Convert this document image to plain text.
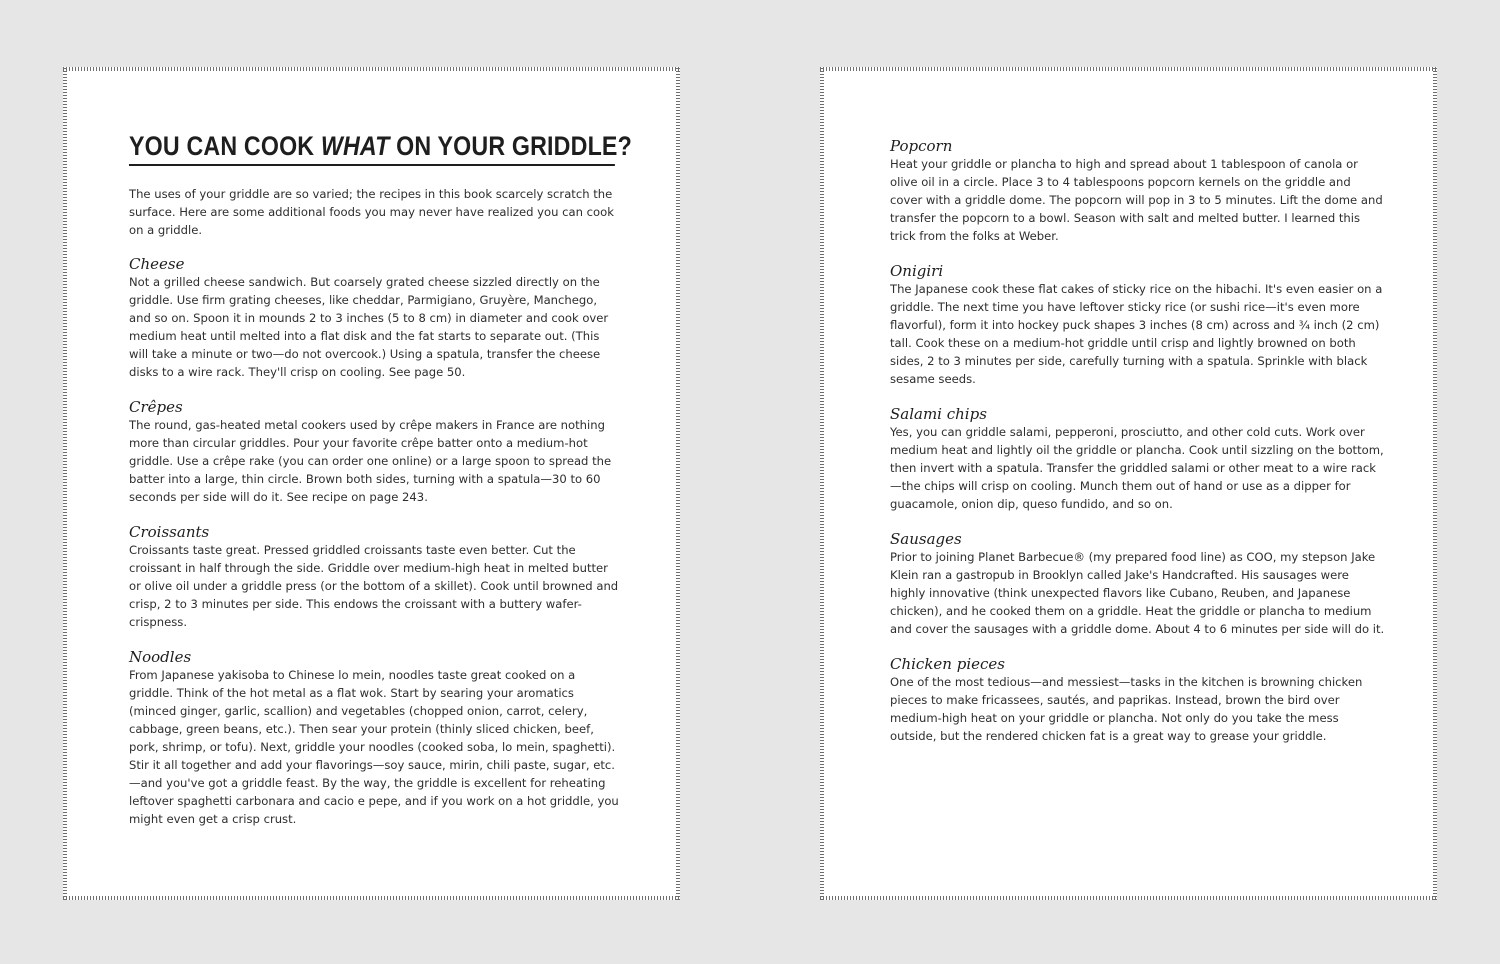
YOU CAN COOK WHAT ON YOUR GRIDDLE?

The uses of your griddle are so varied; the recipes in this book scarcely scratch the surface. Here are some additional foods you may never have realized you can cook on a griddle.

Cheese

Not a grilled cheese sandwich. But coarsely grated cheese sizzled directly on the griddle. Use firm grating cheeses, like cheddar, Parmigiano, Gruyère, Manchego, and so on. Spoon it in mounds 2 to 3 inches (5 to 8 cm) in diameter and cook over medium heat until melted into a flat disk and the fat starts to separate out. (This will take a minute or two—do not overcook.) Using a spatula, transfer the cheese disks to a wire rack. They'll crisp on cooling. See page 50.

Crêpes

The round, gas-heated metal cookers used by crêpe makers in France are nothing more than circular griddles. Pour your favorite crêpe batter onto a medium-hot griddle. Use a crêpe rake (you can order one online) or a large spoon to spread the batter into a large, thin circle. Brown both sides, turning with a spatula—30 to 60 seconds per side will do it. See recipe on page 243.

Croissants

Croissants taste great. Pressed griddled croissants taste even better. Cut the croissant in half through the side. Griddle over medium-high heat in melted butter or olive oil under a griddle press (or the bottom of a skillet). Cook until browned and crisp, 2 to 3 minutes per side. This endows the croissant with a buttery wafer-crispness.

Noodles

From Japanese yakisoba to Chinese lo mein, noodles taste great cooked on a griddle. Think of the hot metal as a flat wok. Start by searing your aromatics (minced ginger, garlic, scallion) and vegetables (chopped onion, carrot, celery, cabbage, green beans, etc.). Then sear your protein (thinly sliced chicken, beef, pork, shrimp, or tofu). Next, griddle your noodles (cooked soba, lo mein, spaghetti). Stir it all together and add your flavorings—soy sauce, mirin, chili paste, sugar, etc.—and you've got a griddle feast. By the way, the griddle is excellent for reheating leftover spaghetti carbonara and cacio e pepe, and if you work on a hot griddle, you might even get a crisp crust.

Popcorn

Heat your griddle or plancha to high and spread about 1 tablespoon of canola or olive oil in a circle. Place 3 to 4 tablespoons popcorn kernels on the griddle and cover with a griddle dome. The popcorn will pop in 3 to 5 minutes. Lift the dome and transfer the popcorn to a bowl. Season with salt and melted butter. I learned this trick from the folks at Weber.

Onigiri

The Japanese cook these flat cakes of sticky rice on the hibachi. It's even easier on a griddle. The next time you have leftover sticky rice (or sushi rice—it's even more flavorful), form it into hockey puck shapes 3 inches (8 cm) across and ¾ inch (2 cm) tall. Cook these on a medium-hot griddle until crisp and lightly browned on both sides, 2 to 3 minutes per side, carefully turning with a spatula. Sprinkle with black sesame seeds.

Salami chips

Yes, you can griddle salami, pepperoni, prosciutto, and other cold cuts. Work over medium heat and lightly oil the griddle or plancha. Cook until sizzling on the bottom, then invert with a spatula. Transfer the griddled salami or other meat to a wire rack—the chips will crisp on cooling. Munch them out of hand or use as a dipper for guacamole, onion dip, queso fundido, and so on.

Sausages

Prior to joining Planet Barbecue® (my prepared food line) as COO, my stepson Jake Klein ran a gastropub in Brooklyn called Jake's Handcrafted. His sausages were highly innovative (think unexpected flavors like Cubano, Reuben, and Japanese chicken), and he cooked them on a griddle. Heat the griddle or plancha to medium and cover the sausages with a griddle dome. About 4 to 6 minutes per side will do it.

Chicken pieces

One of the most tedious—and messiest—tasks in the kitchen is browning chicken pieces to make fricassees, sautés, and paprikas. Instead, brown the bird over medium-high heat on your griddle or plancha. Not only do you take the mess outside, but the rendered chicken fat is a great way to grease your griddle.
